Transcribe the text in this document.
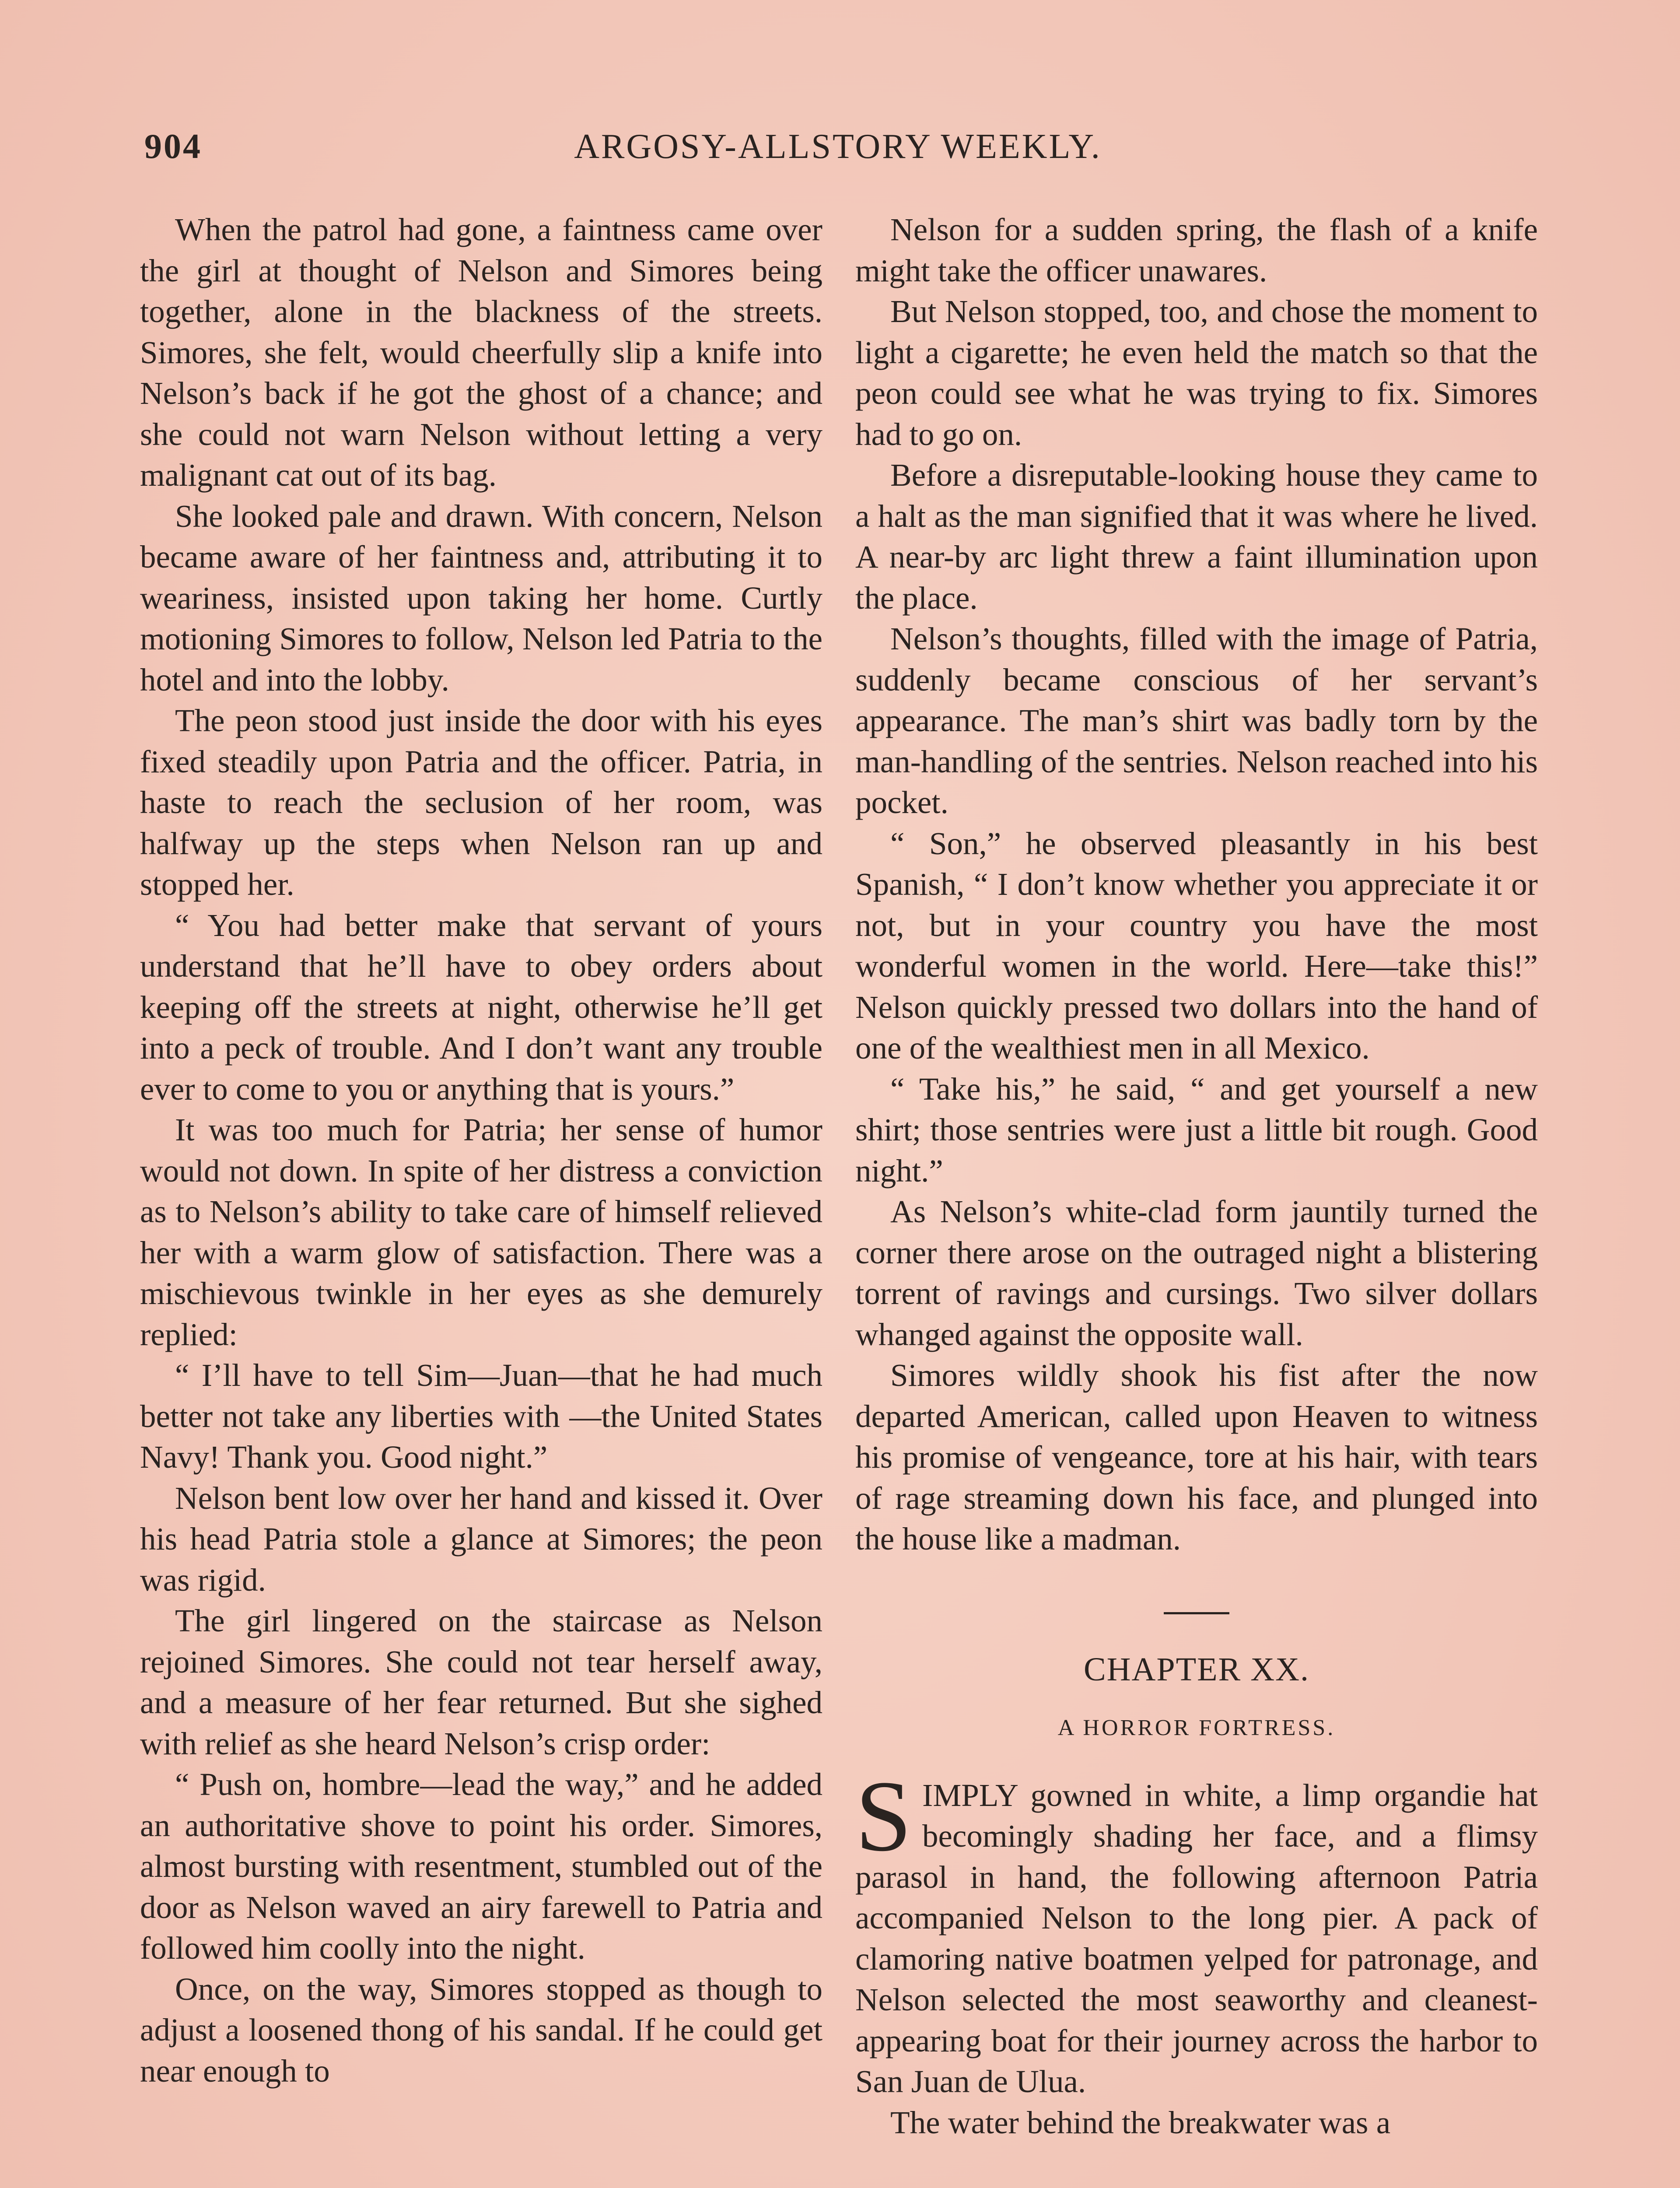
904	ARGOSY-ALLSTORY WEEKLY.

When the patrol had gone, a faintness came over the girl at thought of Nelson and Simores being together, alone in the blackness of the streets. Simores, she felt, would cheerfully slip a knife into Nelson’s back if he got the ghost of a chance; and she could not warn Nelson without letting a very malignant cat out of its bag.

She looked pale and drawn. With concern, Nelson became aware of her faintness and, attributing it to weariness, insisted upon taking her home. Curtly motioning Simores to follow, Nelson led Patria to the hotel and into the lobby.

The peon stood just inside the door with his eyes fixed steadily upon Patria and the officer. Patria, in haste to reach the seclusion of her room, was halfway up the steps when Nelson ran up and stopped her.

“ You had better make that servant of yours understand that he’ll have to obey orders about keeping off the streets at night, otherwise he’ll get into a peck of trouble. And I don’t want any trouble ever to come to you or anything that is yours.”

It was too much for Patria; her sense of humor would not down. In spite of her distress a conviction as to Nelson’s ability to take care of himself relieved her with a warm glow of satisfaction. There was a mischievous twinkle in her eyes as she demurely replied:

“ I’ll have to tell Sim—Juan—that he had much better not take any liberties with —the United States Navy! Thank you. Good night.”

Nelson bent low over her hand and kissed it. Over his head Patria stole a glance at Simores; the peon was rigid.

The girl lingered on the staircase as Nelson rejoined Simores. She could not tear herself away, and a measure of her fear returned. But she sighed with relief as she heard Nelson’s crisp order:

“ Push on, hombre—lead the way,” and he added an authoritative shove to point his order. Simores, almost bursting with resentment, stumbled out of the door as Nelson waved an airy farewell to Patria and followed him coolly into the night.

Once, on the way, Simores stopped as though to adjust a loosened thong of his sandal. If he could get near enough to

Nelson for a sudden spring, the flash of a knife might take the officer unawares.

But Nelson stopped, too, and chose the moment to light a cigarette; he even held the match so that the peon could see what he was trying to fix. Simores had to go on.

Before a disreputable-looking house they came to a halt as the man signified that it was where he lived. A near-by arc light threw a faint illumination upon the place.

Nelson’s thoughts, filled with the image of Patria, suddenly became conscious of her servant’s appearance. The man’s shirt was badly torn by the man-handling of the sentries. Nelson reached into his pocket.

“ Son,” he observed pleasantly in his best Spanish, “ I don’t know whether you appreciate it or not, but in your country you have the most wonderful women in the world. Here—take this!” Nelson quickly pressed two dollars into the hand of one of the wealthiest men in all Mexico.

“ Take his,” he said, “ and get yourself a new shirt; those sentries were just a little bit rough. Good night.”

As Nelson’s white-clad form jauntily turned the corner there arose on the outraged night a blistering torrent of ravings and cursings. Two silver dollars whanged against the opposite wall.

Simores wildly shook his fist after the now departed American, called upon Heaven to witness his promise of vengeance, tore at his hair, with tears of rage streaming down his face, and plunged into the house like a madman.

CHAPTER XX.
A HORROR FORTRESS.

SIMPLY gowned in white, a limp organdie hat becomingly shading her face, and a flimsy parasol in hand, the following afternoon Patria accompanied Nelson to the long pier. A pack of clamoring native boatmen yelped for patronage, and Nelson selected the most seaworthy and cleanest-appearing boat for their journey across the harbor to San Juan de Ulua.

The water behind the breakwater was a
